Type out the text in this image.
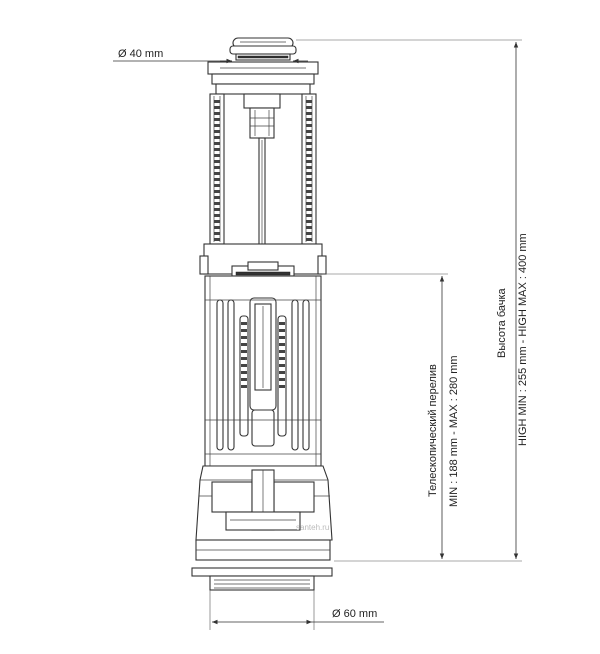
Ø 40 mm
Телескопический перелив MIN : 188 mm - MAX : 280 mm
Высота бачка HIGH MIN : 255 mm - HIGH MAX : 400 mm
Ø 60 mm
santeh.ru
